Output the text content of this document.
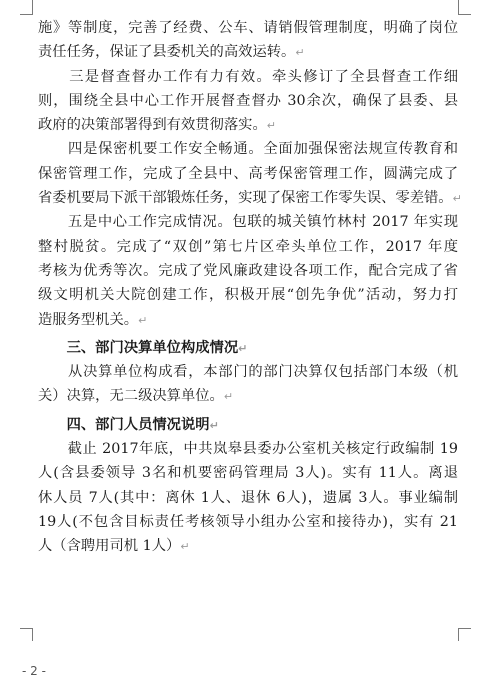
施》等制度，完善了经费、公车、请销假管理制度，明确了岗位
责任任务，保证了县委机关的高效运转。↵
　　三是督查督办工作有力有效。牵头修订了全县督查工作细
则，围绕全县中心工作开展督查督办 30余次，确保了县委、县
政府的决策部署得到有效贯彻落实。↵
　　四是保密机要工作安全畅通。全面加强保密法规宣传教育和
保密管理工作，完成了全县中、高考保密管理工作，圆满完成了
省委机要局下派干部锻炼任务，实现了保密工作零失误、零差错。↵
　　五是中心工作完成情况。包联的城关镇竹林村 2017 年实现
整村脱贫。完成了“双创”第七片区牵头单位工作，2017 年度
考核为优秀等次。完成了党风廉政建设各项工作，配合完成了省
级文明机关大院创建工作，积极开展“创先争优”活动，努力打
造服务型机关。↵
　　三、部门决算单位构成情况↵
　　从决算单位构成看，本部门的部门决算仅包括部门本级（机
关）决算，无二级决算单位。↵
　　四、部门人员情况说明↵
　　截止 2017年底，中共岚皋县委办公室机关核定行政编制 19
人(含县委领导 3名和机要密码管理局 3人)。实有 11人。离退
休人员 7人(其中：离休 1人、退休 6人)，遗属 3人。事业编制
19人(不包含目标责任考核领导小组办公室和接待办)，实有 21
人（含聘用司机 1人）↵
- 2 -
